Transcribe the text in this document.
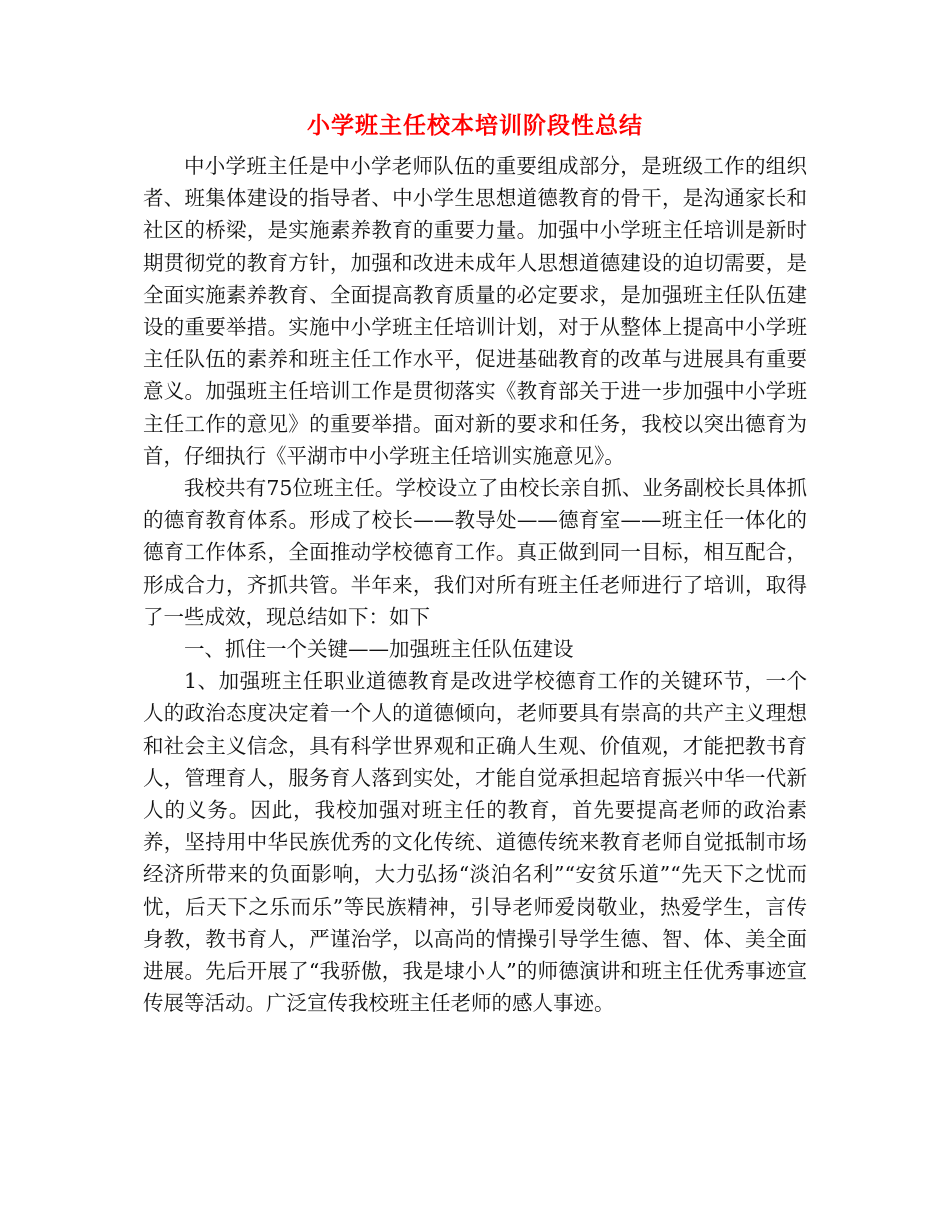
小学班主任校本培训阶段性总结

中小学班主任是中小学老师队伍的重要组成部分，是班级工作的组织者、班集体建设的指导者、中小学生思想道德教育的骨干，是沟通家长和社区的桥梁，是实施素养教育的重要力量。加强中小学班主任培训是新时期贯彻党的教育方针，加强和改进未成年人思想道德建设的迫切需要，是全面实施素养教育、全面提高教育质量的必定要求，是加强班主任队伍建设的重要举措。实施中小学班主任培训计划，对于从整体上提高中小学班主任队伍的素养和班主任工作水平，促进基础教育的改革与进展具有重要意义。加强班主任培训工作是贯彻落实《教育部关于进一步加强中小学班主任工作的意见》的重要举措。面对新的要求和任务，我校以突出德育为首，仔细执行《平湖市中小学班主任培训实施意见》。

我校共有75位班主任。学校设立了由校长亲自抓、业务副校长具体抓的德育教育体系。形成了校长——教导处——德育室——班主任一体化的德育工作体系，全面推动学校德育工作。真正做到同一目标，相互配合，形成合力，齐抓共管。半年来，我们对所有班主任老师进行了培训，取得了一些成效，现总结如下：如下

一、抓住一个关键——加强班主任队伍建设

1、加强班主任职业道德教育是改进学校德育工作的关键环节，一个人的政治态度决定着一个人的道德倾向，老师要具有崇高的共产主义理想和社会主义信念，具有科学世界观和正确人生观、价值观，才能把教书育人，管理育人，服务育人落到实处，才能自觉承担起培育振兴中华一代新人的义务。因此，我校加强对班主任的教育，首先要提高老师的政治素养，坚持用中华民族优秀的文化传统、道德传统来教育老师自觉抵制市场经济所带来的负面影响，大力弘扬“淡泊名利”“安贫乐道”“先天下之忧而忧，后天下之乐而乐”等民族精神，引导老师爱岗敬业，热爱学生，言传身教，教书育人，严谨治学，以高尚的情操引导学生德、智、体、美全面进展。先后开展了“我骄傲，我是埭小人”的师德演讲和班主任优秀事迹宣传展等活动。广泛宣传我校班主任老师的感人事迹。
